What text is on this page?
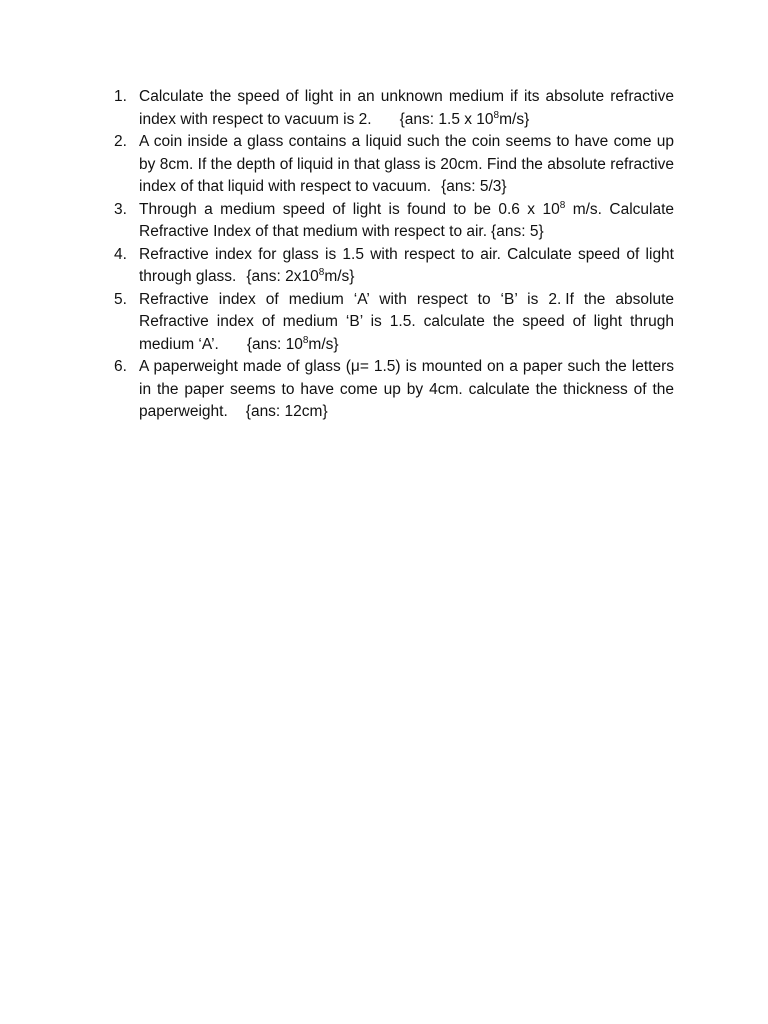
1. Calculate the speed of light in an unknown medium if its absolute refractive index with respect to vacuum is 2. {ans: 1.5 x $10^8m/s$}
2. A coin inside a glass contains a liquid such the coin seems to have come up by 8cm. If the depth of liquid in that glass is 20cm. Find the absolute refractive index of that liquid with respect to vacuum. {ans: 5/3}
3. Through a medium speed of light is found to be 0.6 x $10^8$ m/s. Calculate Refractive Index of that medium with respect to air. {ans: 5}
4. Refractive index for glass is 1.5 with respect to air. Calculate speed of light through glass. {ans: $2x10^8m/s$}
5. Refractive index of medium ‘A’ with respect to ‘B’ is 2. If the absolute Refractive index of medium ‘B’ is 1.5. calculate the speed of light thrugh medium ‘A’. {ans: $10^8m/s$}
6. A paperweight made of glass (μ= 1.5) is mounted on a paper such the letters in the paper seems to have come up by 4cm. calculate the thickness of the paperweight. {ans: 12cm}
